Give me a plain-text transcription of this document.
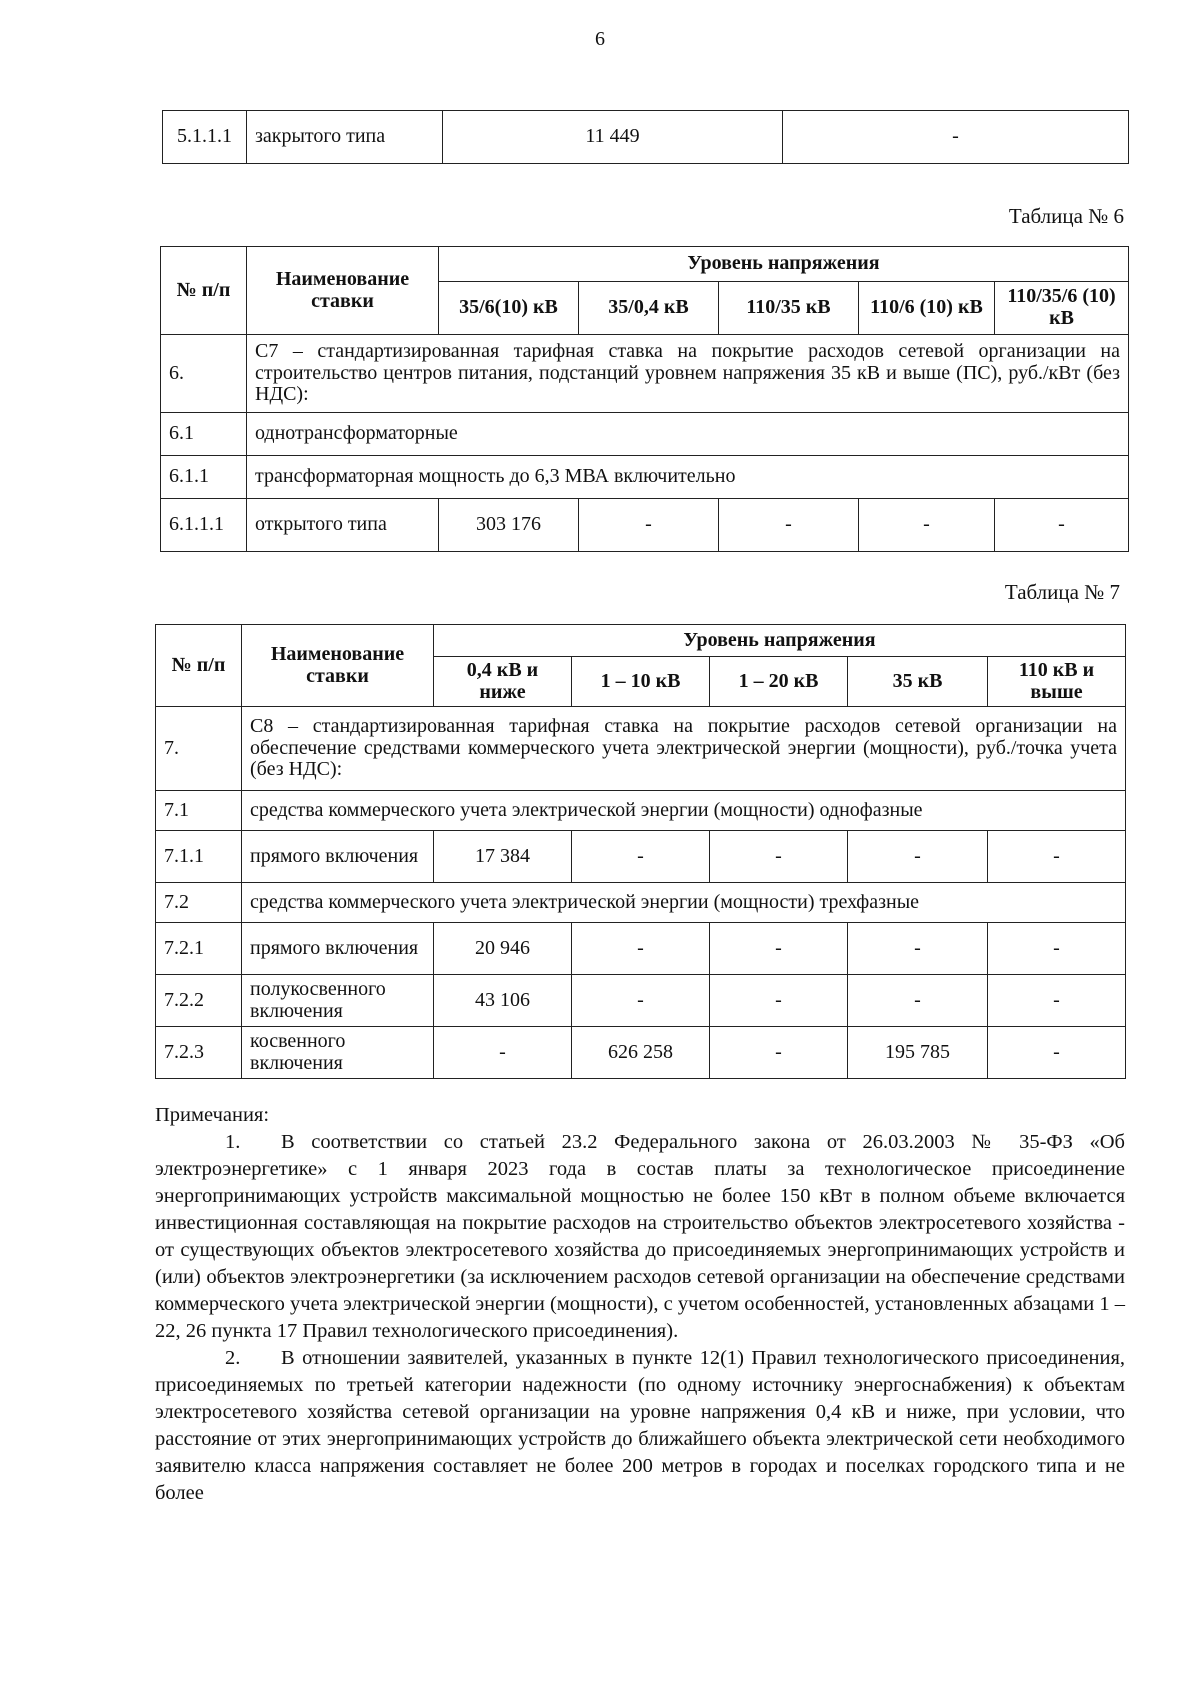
6
5.1.1.1	закрытого типа	11 449	-
Таблица № 6
№ п/п	Наименование ставки	Уровень напряжения				
		35/6(10) кВ	35/0,4 кВ	110/35 кВ	110/6 (10) кВ	110/35/6 (10) кВ
6.	С7 – стандартизированная тарифная ставка на покрытие расходов сетевой организации на строительство центров питания, подстанций уровнем напряжения 35 кВ и выше (ПС), руб./кВт (без НДС):					
6.1	однотрансформаторные					
6.1.1	трансформаторная мощность до 6,3 МВА включительно					
6.1.1.1	открытого типа	303 176	-	-	-	-
Таблица № 7
№ п/п	Наименование ставки	Уровень напряжения				
		0,4 кВ и ниже	1 – 10 кВ	1 – 20 кВ	35 кВ	110 кВ и выше
7.	С8 – стандартизированная тарифная ставка на покрытие расходов сетевой организации на обеспечение средствами коммерческого учета электрической энергии (мощности), руб./точка учета (без НДС):					
7.1	средства коммерческого учета электрической энергии (мощности) однофазные					
7.1.1	прямого включения	17 384	-	-	-	-
7.2	средства коммерческого учета электрической энергии (мощности) трехфазные					
7.2.1	прямого включения	20 946	-	-	-	-
7.2.2	полукосвенного включения	43 106	-	-	-	-
7.2.3	косвенного включения	-	626 258	-	195 785	-

Примечания:

1. В соответствии со статьей 23.2 Федерального закона от 26.03.2003 № 35-ФЗ «Об электроэнергетике» с 1 января 2023 года в состав платы за технологическое присоединение энергопринимающих устройств максимальной мощностью не более 150 кВт в полном объеме включается инвестиционная составляющая на покрытие расходов на строительство объектов электросетевого хозяйства - от существующих объектов электросетевого хозяйства до присоединяемых энергопринимающих устройств и (или) объектов электроэнергетики (за исключением расходов сетевой организации на обеспечение средствами коммерческого учета электрической энергии (мощности), с учетом особенностей, установленных абзацами 1 – 22, 26 пункта 17 Правил технологического присоединения).

2. В отношении заявителей, указанных в пункте 12(1) Правил технологического присоединения, присоединяемых по третьей категории надежности (по одному источнику энергоснабжения) к объектам электросетевого хозяйства сетевой организации на уровне напряжения 0,4 кВ и ниже, при условии, что расстояние от этих энергопринимающих устройств до ближайшего объекта электрической сети необходимого заявителю класса напряжения составляет не более 200 метров в городах и поселках городского типа и не более
